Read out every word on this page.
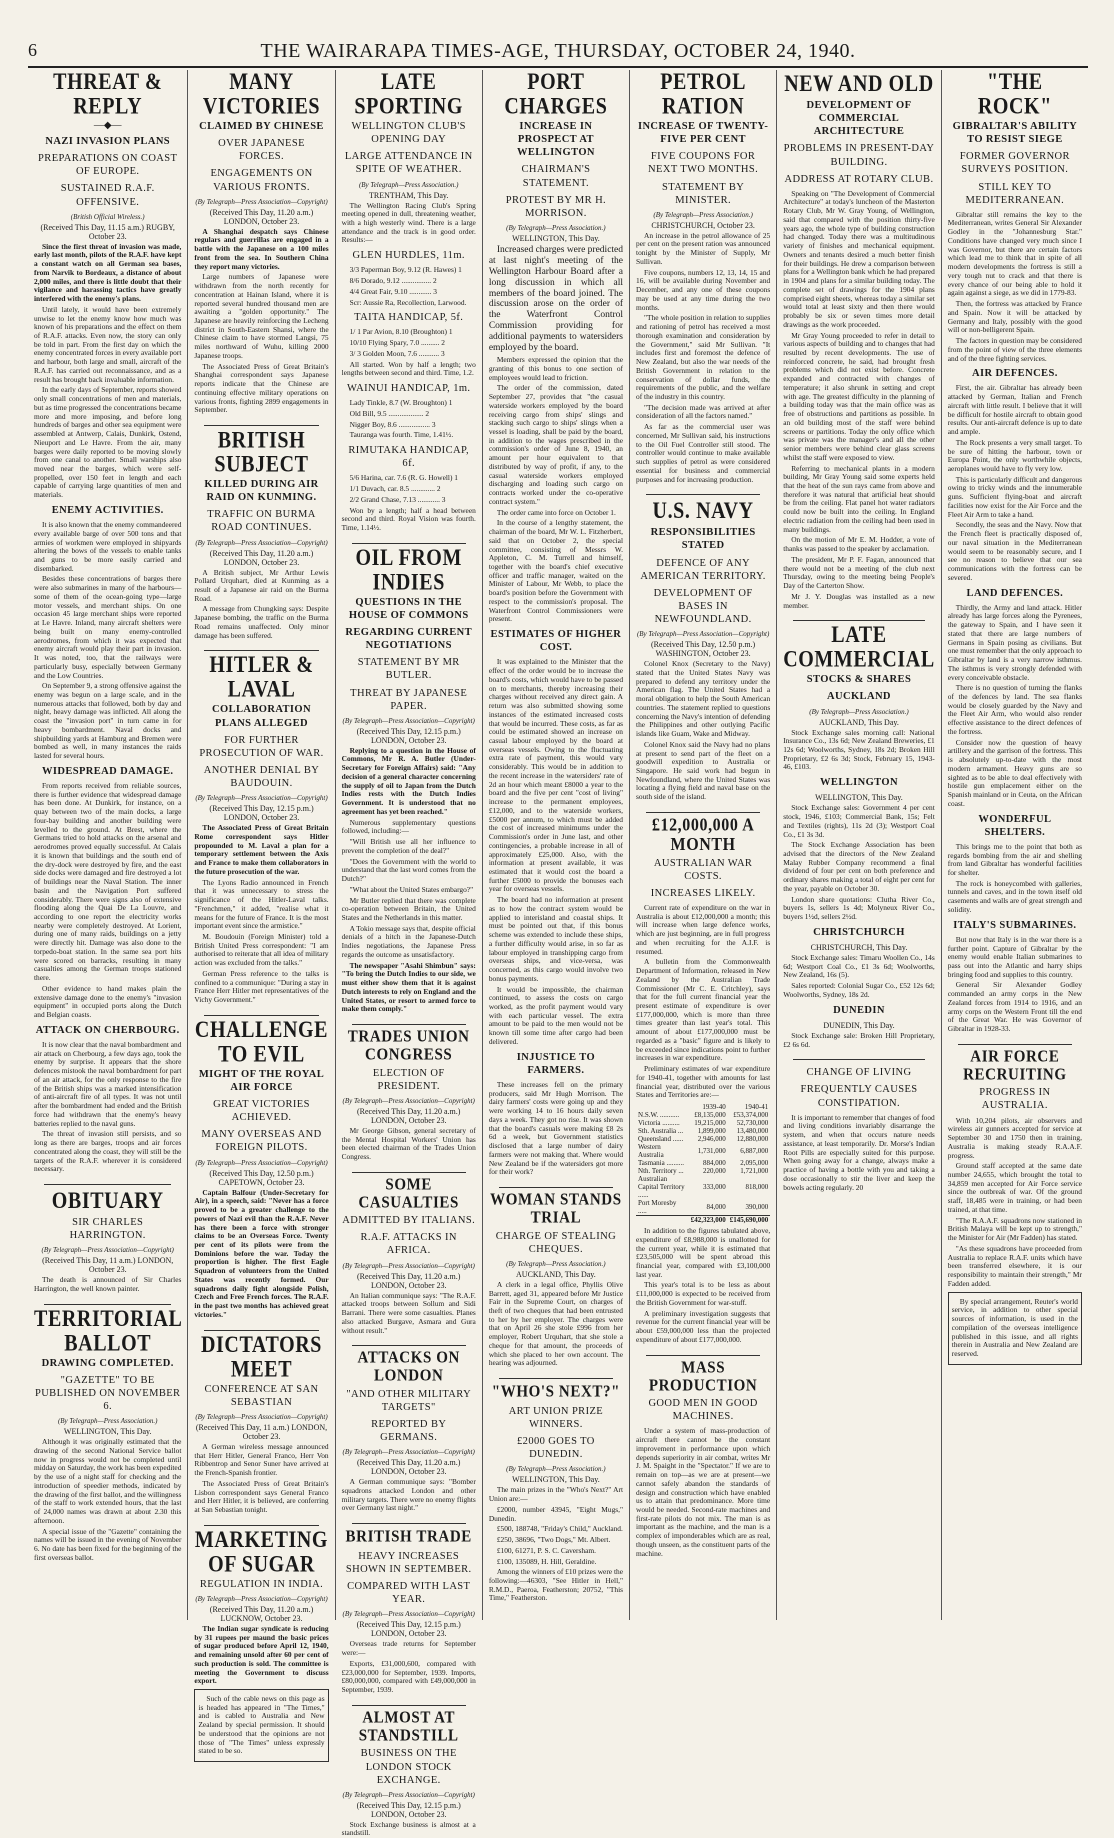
6	THE WAIRARAPA TIMES-AGE, THURSDAY, OCTOBER 24, 1940.
THREAT & REPLY
—◆—
NAZI INVASION PLANS
PREPARATIONS ON COAST OF EUROPE.
SUSTAINED R.A.F. OFFENSIVE.
(British Official Wireless.)
(Received This Day, 11.15 a.m.) RUGBY, October 23.

Since the first threat of invasion was made, early last month, pilots of the R.A.F. have kept a constant watch on all German sea bases, from Narvik to Bordeaux, a distance of about 2,000 miles, and there is little doubt that their vigilance and harassing tactics have greatly interfered with the enemy's plans.

Until lately, it would have been extremely unwise to let the enemy know how much was known of his preparations and the effect on them of R.A.F. attacks. Even now, the story can only be told in part. From the first day on which the enemy concentrated forces in every available port and harbour, both large and small, aircraft of the R.A.F. has carried out reconnaissance, and as a result has brought back invaluable information.

In the early days of September, reports showed only small concentrations of men and materials, but as time progressed the concentrations became more and more imposing, and before long hundreds of barges and other sea equipment were assembled at Antwerp, Calais, Dunkirk, Ostend, Nieuport and Le Havre. From the air, many barges were daily reported to be moving slowly from one canal to another. Small warships also moved near the barges, which were self-propelled, over 150 feet in length and each capable of carrying large quantities of men and materials.

ENEMY ACTIVITIES.

It is also known that the enemy commandeered every available barge of over 500 tons and that armies of workmen were employed in shipyards altering the bows of the vessels to enable tanks and guns to be more easily carried and disembarked.

Besides these concentrations of barges there were also submarines in many of the harbours—some of them of the ocean-going type—large motor vessels, and merchant ships. On one occasion 45 large merchant ships were reported at Le Havre. Inland, many aircraft shelters were being built on many enemy-controlled aerodromes, from which it was expected that enemy aircraft would play their part in invasion. It was noted, too, that the railways were particularly busy, especially between Germany and the Low Countries.

On September 9, a strong offensive against the enemy was begun on a large scale, and in the numerous attacks that followed, both by day and night, heavy damage was inflicted. All along the coast the "invasion port" in turn came in for heavy bombardment. Naval docks and shipbuilding yards at Hamburg and Bremen were bombed as well, in many instances the raids lasted for several hours.

WIDESPREAD DAMAGE.

From reports received from reliable sources, there is further evidence that widespread damage has been done. At Dunkirk, for instance, on a quay between two of the main docks, a large four-bay building and another building were levelled to the ground. At Brest, where the Germans tried to hold attacks on the arsenal and aerodromes proved equally successful. At Calais it is known that buildings and the south end of the dry-dock were destroyed by fire, and the east side docks were damaged and fire destroyed a lot of buildings near the Naval Station. The inner basin and the Navigation Port suffered considerably. There were signs also of extensive flooding along the Quai De La Louvre, and according to one report the electricity works nearby were completely destroyed. At Lorient, during one of many raids, buildings on a jetty were directly hit. Damage was also done to the torpedo-boat station. In the same sea port hits were scored on barracks, resulting in many casualties among the German troops stationed there.

Other evidence to hand makes plain the extensive damage done to the enemy's "invasion equipment" in occupied ports along the Dutch and Belgian coasts.

ATTACK ON CHERBOURG.

It is now clear that the naval bombardment and air attack on Cherbourg, a few days ago, took the enemy by surprise. It appears that the shore defences mistook the naval bombardment for part of an air attack, for the only response to the fire of the British ships was a marked intensification of anti-aircraft fire of all types. It was not until after the bombardment had ended and the British force had withdrawn that the enemy's heavy batteries replied to the naval guns.

The threat of invasion still persists, and so long as there are barges, troops and air forces concentrated along the coast, they will still be the targets of the R.A.F. wherever it is considered necessary.

OBITUARY
SIR CHARLES HARRINGTON.
(By Telegraph—Press Association—Copyright)
(Received This Day, 11 a.m.) LONDON, October 23.

The death is announced of Sir Charles Harrington, the well known painter.

TERRITORIAL BALLOT
DRAWING COMPLETED.
"GAZETTE" TO BE PUBLISHED ON NOVEMBER 6.
(By Telegraph—Press Association.)
WELLINGTON, This Day.

Although it was originally estimated that the drawing of the second National Service ballot now in progress would not be completed until midday on Saturday, the work has been expedited by the use of a night staff for checking and the introduction of speedier methods, indicated by the drawing of the first ballot, and the willingness of the staff to work extended hours, that the last of 24,000 names was drawn at about 2.30 this afternoon.

A special issue of the "Gazette" containing the names will be issued in the evening of November 6. No date has been fixed for the beginning of the first overseas ballot.

MANY VICTORIES
CLAIMED BY CHINESE
OVER JAPANESE FORCES.
ENGAGEMENTS ON VARIOUS FRONTS.
(By Telegraph—Press Association—Copyright)
(Received This Day, 11.20 a.m.) LONDON, October 23.

A Shanghai despatch says Chinese regulars and guerrillas are engaged in a battle with the Japanese on a 100 miles front from the sea. In Southern China they report many victories.

Large numbers of Japanese were withdrawn from the north recently for concentration at Hainan Island, where it is reported several hundred thousand men are awaiting a "golden opportunity." The Japanese are heavily reinforcing the Lecheng district in South-Eastern Shansi, where the Chinese claim to have stormed Langsi, 75 miles northward of Wuhu, killing 2000 Japanese troops.

The Associated Press of Great Britain's Shanghai correspondent says Japanese reports indicate that the Chinese are continuing effective military operations on various fronts, fighting 2899 engagements in September.

BRITISH SUBJECT
KILLED DURING AIR RAID ON KUNMING.
TRAFFIC ON BURMA ROAD CONTINUES.
(By Telegraph—Press Association—Copyright)
(Received This Day, 11.20 a.m.) LONDON, October 23.

A British subject, Mr Arthur Lewis Pollard Urquhart, died at Kunming as a result of a Japanese air raid on the Burma Road.

A message from Chungking says: Despite Japanese bombing, the traffic on the Burma Road remains unaffected. Only minor damage has been suffered.

HITLER & LAVAL
COLLABORATION PLANS ALLEGED
FOR FURTHER PROSECUTION OF WAR.
ANOTHER DENIAL BY BAUDOUIN.
(By Telegraph—Press Association—Copyright)
(Received This Day, 12.15 p.m.) LONDON, October 23.

The Associated Press of Great Britain Rome correspondent says Hitler propounded to M. Laval a plan for a temporary settlement between the Axis and France to make them collaborators in the future prosecution of the war.

The Lyons Radio announced in French that it was unnecessary to stress the significance of the Hitler-Laval talks. "Frenchmen," it added, "realise what it means for the future of France. It is the most important event since the armistice."

M. Boudouin (Foreign Minister) told a British United Press correspondent: "I am authorised to reiterate that all idea of military action was excluded from the talks."

German Press reference to the talks is confined to a communique: "During a stay in France Herr Hitler met representatives of the Vichy Government."

CHALLENGE TO EVIL
MIGHT OF THE ROYAL AIR FORCE
GREAT VICTORIES ACHIEVED.
MANY OVERSEAS AND FOREIGN PILOTS.
(By Telegraph—Press Association—Copyright)
(Received This Day, 12.50 p.m.) CAPETOWN, October 23.

Captain Balfour (Under-Secretary for Air), in a speech, said: "Never has a force proved to be a greater challenge to the powers of Nazi evil than the R.A.F. Never has there been a force with stronger claims to be an Overseas Force. Twenty per cent of its pilots were from the Dominions before the war. Today the proportion is higher. The first Eagle Squadron of volunteers from the United States was recently formed. Our squadrons daily fight alongside Polish, Czech and Free French forces. The R.A.F. in the past two months has achieved great victories."

DICTATORS MEET
CONFERENCE AT SAN SEBASTIAN
(By Telegraph—Press Association—Copyright)
(Received This Day, 11 a.m.) LONDON, October 23.

A German wireless message announced that Herr Hitler, General Franco, Herr Von Ribbentrop and Senor Suner have arrived at the French-Spanish frontier.

The Associated Press of Great Britain's Lisbon correspondent says General Franco and Herr Hitler, it is believed, are conferring at San Sebastian tonight.

MARKETING OF SUGAR
REGULATION IN INDIA.
(By Telegraph—Press Association—Copyright)
(Received This Day, 11.20 a.m.) LUCKNOW, October 23.

The Indian sugar syndicate is reducing by 31 rupees per maund the basic prices of sugar produced before April 12, 1940, and remaining unsold after 60 per cent of such production is sold. The committee is meeting the Government to discuss export.

Such of the cable news on this page as is headed has appeared in "The Times," and is cabled to Australia and New Zealand by special permission. It should be understood that the opinions are not those of "The Times" unless expressly stated to be so.

LATE SPORTING
WELLINGTON CLUB'S OPENING DAY
LARGE ATTENDANCE IN SPITE OF WEATHER.
(By Telegraph—Press Association.)
TRENTHAM, This Day.

The Wellington Racing Club's Spring meeting opened in dull, threatening weather, with a high westerly wind. There is a large attendance and the track is in good order. Results:—

GLEN HURDLES, 11m.

3/3 Paperman Boy, 9.12 (R. Hawes) 1

8/6 Dorado, 9.12 ................ 2

4/4 Great Fair, 9.10 ............ 3

Scr: Aussie Ra, Recollection, Larwood.

TAITA HANDICAP, 5f.

1/ 1 Par Avion, 8.10 (Broughton) 1

10/10 Flying Spary, 7.0 .......... 2

3/ 3 Golden Moon, 7.6 ........... 3

All started. Won by half a length; two lengths between second and third. Time, 1.2.

WAINUI HANDICAP, 1m.

Lady Tinkle, 8.7 (W. Broughton) 1

Old Bill, 9.5 ................... 2

Nigger Boy, 8.6 ................. 3

Tauranga was fourth. Time, 1.41½.

RIMUTAKA HANDICAP, 6f.

5/6 Harina, car. 7.6 (R. G. Howell) 1

1/1 Duvach, car. 8.5 ............. 2

2/2 Grand Chase, 7.13 ............ 3

Won by a length; half a head between second and third. Royal Vision was fourth. Time, 1.14½.

OIL FROM INDIES
QUESTIONS IN THE HOUSE OF COMMONS
REGARDING CURRENT NEGOTIATIONS
STATEMENT BY MR BUTLER.
THREAT BY JAPANESE PAPER.
(By Telegraph—Press Association—Copyright)
(Received This Day, 12.15 p.m.) LONDON, October 23.

Replying to a question in the House of Commons, Mr R. A. Butler (Under-Secretary for Foreign Affairs) said: "Any decision of a general character concerning the supply of oil to Japan from the Dutch Indies rests with the Dutch Indies Government. It is understood that no agreement has yet been reached."

Numerous supplementary questions followed, including:—

"Will British use all her influence to prevent the completion of the deal?"

"Does the Government with the world to understand that the last word comes from the Dutch?"

"What about the United States embargo?"

Mr Butler replied that there was complete co-operation between Britain, the United States and the Netherlands in this matter.

A Tokio message says that, despite official denials of a hitch in the Japanese-Dutch Indies negotiations, the Japanese Press regards the outcome as unsatisfactory.

The newspaper "Asahi Shimbun" says: "To bring the Dutch Indies to our side, we must either show them that it is against Dutch interests to rely on England and the United States, or resort to armed force to make them comply."

TRADES UNION CONGRESS
ELECTION OF PRESIDENT.
(By Telegraph—Press Association—Copyright)
(Received This Day, 11.20 a.m.) LONDON, October 23.

Mr George Gibson, general secretary of the Mental Hospital Workers' Union has been elected chairman of the Trades Union Congress.

SOME CASUALTIES
ADMITTED BY ITALIANS.
R.A.F. ATTACKS IN AFRICA.
(By Telegraph—Press Association—Copyright)
(Received This Day, 11.20 a.m.) LONDON, October 23.

An Italian communique says: "The R.A.F. attacked troops between Sollum and Sidi Barrani. There were some casualties. Planes also attacked Burgave, Asmara and Gura without result."

ATTACKS ON LONDON
"AND OTHER MILITARY TARGETS"
REPORTED BY GERMANS.
(By Telegraph—Press Association—Copyright)
(Received This Day, 11.20 a.m.) LONDON, October 23.

A German communique says: "Bomber squadrons attacked London and other military targets. There were no enemy flights over Germany last night."

BRITISH TRADE
HEAVY INCREASES SHOWN IN SEPTEMBER.
COMPARED WITH LAST YEAR.
(By Telegraph—Press Association—Copyright)
(Received This Day, 12.15 p.m.) LONDON, October 23.

Overseas trade returns for September were:—

Exports, £31,000,600, compared with £23,000,000 for September, 1939. Imports, £80,000,000, compared with £49,000,000 in September, 1939.

ALMOST AT STANDSTILL
BUSINESS ON THE LONDON STOCK EXCHANGE.
(By Telegraph—Press Association—Copyright)
(Received This Day, 12.15 p.m.) LONDON, October 23.

Stock Exchange business is almost at a standstill.

PORT CHARGES
INCREASE IN PROSPECT AT WELLINGTON
CHAIRMAN'S STATEMENT.
PROTEST BY MR H. MORRISON.
(By Telegraph—Press Association.)
WELLINGTON, This Day.

Increased charges were predicted at last night's meeting of the Wellington Harbour Board after a long discussion in which all members of the board joined. The discussion arose on the order of the Waterfront Control Commission providing for additional payments to watersiders employed by the board.

Members expressed the opinion that the granting of this bonus to one section of employees would lead to friction.

The order of the commission, dated September 27, provides that "the casual waterside workers employed by the board receiving cargo from ships' slings and stacking such cargo to ships' slings when a vessel is loading, shall be paid by the board, in addition to the wages prescribed in the commission's order of June 8, 1940, an amount per hour equivalent to that distributed by way of profit, if any, to the casual waterside workers employed discharging and loading such cargo on contracts worked under the co-operative contract system."

The order came into force on October 1.

In the course of a lengthy statement, the chairman of the board, Mr W. L. Fitzherbert, said that on October 2, the special committee, consisting of Messrs W. Appleton, C. M. Turrell and himself, together with the board's chief executive officer and traffic manager, waited on the Minister of Labour, Mr Webb, to place the board's position before the Government with respect to the commission's proposal. The Waterfront Control Commissioners were present.

ESTIMATES OF HIGHER COST.

It was explained to the Minister that the effect of the order would be to increase the board's costs, which would have to be passed on to merchants, thereby increasing their charges without received any direct gain. A return was also submitted showing some instances of the estimated increased costs that would be incurred. These costs, as far as could be estimated showed an increase on casual labour employed by the board at overseas vessels. Owing to the fluctuating extra rate of payment, this would vary considerably. This would be in addition to the recent increase in the watersiders' rate of 2d an hour which meant £8000 a year to the board and the five per cent "cost of living" increase to the permanent employees, £12,000, and to the waterside workers, £5000 per annum, to which must be added the cost of increased minimums under the Commission's order in June last, and other contingencies, a probable increase in all of approximately £25,000. Also, with the information at present available, it was estimated that it would cost the board a further £5000 to provide the bonuses each year for overseas vessels.

The board had no information at present as to how the contract system would be applied to interisland and coastal ships. It must be pointed out that, if this bonus scheme was extended to include these ships, a further difficulty would arise, in so far as labour employed in transhipping cargo from overseas ships, and vice-versa, was concerned, as this cargo would involve two bonus payments.

It would be impossible, the chairman continued, to assess the costs on cargo worked, as the profit payment would vary with each particular vessel. The extra amount to be paid to the men would not be known till some time after cargo had been delivered.

INJUSTICE TO FARMERS.

These increases fell on the primary producers, said Mr Hugh Morrison. The dairy farmers' costs were going up and they were working 14 to 16 hours daily seven days a week. They got no rise. It was shown that the board's casuals were making £8 2s 6d a week, but Government statistics disclosed that a large number of dairy farmers were not making that. Where would New Zealand be if the watersiders got more for their work?

WOMAN STANDS TRIAL
CHARGE OF STEALING CHEQUES.
(By Telegraph—Press Association.)
AUCKLAND, This Day.

A clerk in a legal office, Phyllis Olive Barrett, aged 31, appeared before Mr Justice Fair in the Supreme Court, on charges of theft of two cheques that had been entrusted to her by her employer. The charges were that on April 26 she stole £996 from her employer, Robert Urquhart, that she stole a cheque for that amount, the proceeds of which she placed to her own account. The hearing was adjourned.

"WHO'S NEXT?"
ART UNION PRIZE WINNERS.
£2000 GOES TO DUNEDIN.
(By Telegraph—Press Association.)
WELLINGTON, This Day.

The main prizes in the "Who's Next?" Art Union are:—

£2000, number 43945, "Eight Mugs," Dunedin.

£500, 188748, "Friday's Child," Auckland.

£250, 38696, "Two Dogs," Mt. Albert.

£100, 61271, P. S. C. Caversham.

£100, 135089, H. Hill, Geraldine.

Among the winners of £10 prizes were the following:—46303, "See Hitler in Hell," R.M.D., Paeroa, Featherston; 20752, "This Time," Featherston.

PETROL RATION
INCREASE OF TWENTY-FIVE PER CENT
FIVE COUPONS FOR NEXT TWO MONTHS.
STATEMENT BY MINISTER.
(By Telegraph—Press Association.)
CHRISTCHURCH, October 23.

An increase in the petrol allowance of 25 per cent on the present ration was announced tonight by the Minister of Supply, Mr Sullivan.

Five coupons, numbers 12, 13, 14, 15 and 16, will be available during November and December, and any one of these coupons may be used at any time during the two months.

"The whole position in relation to supplies and rationing of petrol has received a most thorough examination and consideration by the Government," said Mr Sullivan. "It includes first and foremost the defence of New Zealand, but also the war needs of the British Government in relation to the conservation of dollar funds, the requirements of the public, and the welfare of the industry in this country.

"The decision made was arrived at after consideration of all the factors named."

As far as the commercial user was concerned, Mr Sullivan said, his instructions to the Oil Fuel Controller still stood. The controller would continue to make available such supplies of petrol as were considered essential for business and commercial purposes and for increasing production.

U.S. NAVY
RESPONSIBILITIES STATED
DEFENCE OF ANY AMERICAN TERRITORY.
DEVELOPMENT OF BASES IN NEWFOUNDLAND.
(By Telegraph—Press Association—Copyright)
(Received This Day, 12.50 p.m.) WASHINGTON, October 23.

Colonel Knox (Secretary to the Navy) stated that the United States Navy was prepared to defend any territory under the American flag. The United States had a moral obligation to help the South American countries. The statement replied to questions concerning the Navy's intention of defending the Philippines and other outlying Pacific islands like Guam, Wake and Midway.

Colonel Knox said the Navy had no plans at present to send part of the fleet on a goodwill expedition to Australia or Singapore. He said work had begun in Newfoundland, where the United States was locating a flying field and naval base on the south side of the island.

£12,000,000 A MONTH
AUSTRALIAN WAR COSTS.
INCREASES LIKELY.

Current rate of expenditure on the war in Australia is about £12,000,000 a month; this will increase when large defence works, which are just beginning, are in full progress and when recruiting for the A.I.F. is resumed.

A bulletin from the Commonwealth Department of Information, released in New Zealand by the Australian Trade Commissioner (Mr C. E. Critchley), says that for the full current financial year the present estimate of expenditure is over £177,000,000, which is more than three times greater than last year's total. This amount of about £177,000,000 must be regarded as a "basic" figure and is likely to be exceeded since indications point to further increases in war expenditure.

Preliminary estimates of war expenditure for 1940-41, together with amounts for last financial year, distributed over the various States and Territories are:—

	1939-40	1940-41
N.S.W. ...........	£8,135,000	£53,374,000
Victoria ..........	19,215,000	52,730,000
Sth. Australia ...	1,899,000	13,480,000
Queensland ......	2,946,000	12,880,000
Western Australia	1,731,000	6,887,000
Tasmania ..........	884,000	2,095,000
Nth. Territory ...	220,000	1,721,000
Australian Capital Territory ......	333,000	818,000
Port Moresby .....	84,000	390,000
	£42,323,000	£145,690,000

In addition to the figures tabulated above, expenditure of £8,988,000 is unallotted for the current year, while it is estimated that £23,505,000 will be spent abroad this financial year, compared with £3,100,000 last year.

This year's total is to be less as about £11,000,000 is expected to be received from the British Government for war-stuff.

A preliminary investigation suggests that revenue for the current financial year will be about £59,000,000 less than the projected expenditure of about £177,000,000.

MASS PRODUCTION
GOOD MEN IN GOOD MACHINES.

Under a system of mass-production of aircraft there cannot be the constant improvement in performance upon which depends superiority in air combat, writes Mr J. M. Spaight in the "Spectator." If we are to remain on top—as we are at present—we cannot safely abandon the standards of design and construction which have enabled us to attain that predominance. More time would be needed. Second-rate machines and first-rate pilots do not mix. The man is as important as the machine, and the man is a complex of imponderables which are as real, though unseen, as the constituent parts of the machine.

NEW AND OLD
DEVELOPMENT OF COMMERCIAL ARCHITECTURE
PROBLEMS IN PRESENT-DAY BUILDING.
ADDRESS AT ROTARY CLUB.

Speaking on "The Development of Commercial Architecture" at today's luncheon of the Masterton Rotary Club, Mr W. Gray Young, of Wellington, said that compared with the position thirty-five years ago, the whole type of building construction had changed. Today there was a multitudinous variety of finishes and mechanical equipment. Owners and tenants desired a much better finish for their buildings. He drew a comparison between plans for a Wellington bank which he had prepared in 1904 and plans for a similar building today. The complete set of drawings for the 1904 plans comprised eight sheets, whereas today a similar set would total at least sixty and then there would probably be six or seven times more detail drawings as the work proceeded.

Mr Gray Young proceeded to refer in detail to various aspects of building and to changes that had resulted by recent developments. The use of reinforced concrete, he said, had brought fresh problems which did not exist before. Concrete expanded and contracted with changes of temperature; it also shrunk in setting and crept with age. The greatest difficulty in the planning of a building today was that the main office was as free of obstructions and partitions as possible. In an old building most of the staff were behind screens or partitions. Today the only office which was private was the manager's and all the other senior members were behind clear glass screens whilst the staff were exposed to view.

Referring to mechanical plants in a modern building, Mr Gray Young said some experts held that the heat of the sun rays came from above and therefore it was natural that artificial heat should be from the ceiling. Flat panel hot water radiators could now be built into the ceiling. In England electric radiation from the ceiling had been used in many buildings.

On the motion of Mr E. M. Hodder, a vote of thanks was passed to the speaker by acclamation.

The president, Mr P. F. Fagan, announced that there would not be a meeting of the club next Thursday, owing to the meeting being People's Day of the Carterton Show.

Mr J. Y. Douglas was installed as a new member.

LATE COMMERCIAL
STOCKS & SHARES
AUCKLAND
(By Telegraph—Press Association.)
AUCKLAND, This Day.

Stock Exchange sales morning call: National Insurance Co., 13s 6d; New Zealand Breweries, £1 12s 6d; Woolworths, Sydney, 18s 2d; Broken Hill Proprietary, £2 6s 3d; Stock, February 15, 1943-46, £103.

WELLINGTON
WELLINGTON, This Day.

Stock Exchange sales: Government 4 per cent stock, 1946, £103; Commercial Bank, 15s; Felt and Textiles (rights), 11s 2d (3); Westport Coal Co., £1 3s 3d.

The Stock Exchange Association has been advised that the directors of the New Zealand Malay Rubber Company recommend a final dividend of four per cent on both preference and ordinary shares making a total of eight per cent for the year, payable on October 30.

London share quotations: Clutha River Co., buyers 1s, sellers 1s 4d; Molyneux River Co., buyers 1½d, sellers 2½d.

CHRISTCHURCH
CHRISTCHURCH, This Day.

Stock Exchange sales: Timaru Woollen Co., 14s 6d; Westport Coal Co., £1 3s 6d; Woolworths, New Zealand, 16s (5).

Sales reported: Colonial Sugar Co., £52 12s 6d; Woolworths, Sydney, 18s 2d.

DUNEDIN
DUNEDIN, This Day.

Stock Exchange sale: Broken Hill Proprietary, £2 6s 6d.

CHANGE OF LIVING
FREQUENTLY CAUSES CONSTIPATION.

It is important to remember that changes of food and living conditions invariably disarrange the system, and when that occurs nature needs assistance, at least temporarily. Dr. Morse's Indian Root Pills are especially suited for this purpose. When going away for a change, always make a practice of having a bottle with you and taking a dose occasionally to stir the liver and keep the bowels acting regularly. 20

"THE ROCK"
GIBRALTAR'S ABILITY TO RESIST SIEGE
FORMER GOVERNOR SURVEYS POSITION.
STILL KEY TO MEDITERRANEAN.

Gibraltar still remains the key to the Mediterranean, writes General Sir Alexander Godley in the "Johannesburg Star." Conditions have changed very much since I was Governor, but there are certain factors which lead me to think that in spite of all modern developments the fortress is still a very tough nut to crack and that there is every chance of our being able to hold it again against a siege, as we did in 1779-83.

Then, the fortress was attacked by France and Spain. Now it will be attacked by Germany and Italy, possibly with the good will or non-belligerent Spain.

The factors in question may be considered from the point of view of the three elements and of the three fighting services.

AIR DEFENCES.

First, the air. Gibraltar has already been attacked by German, Italian and French aircraft with little result. I believe that it will be difficult for hostile aircraft to obtain good results. Our anti-aircraft defence is up to date and ample.

The Rock presents a very small target. To be sure of hitting the harbour, town or Europa Point, the only worthwhile objects, aeroplanes would have to fly very low.

This is particularly difficult and dangerous owing to tricky winds and the innumerable guns. Sufficient flying-boat and aircraft facilities now exist for the Air Force and the Fleet Air Arm to take a hand.

Secondly, the seas and the Navy. Now that the French fleet is practically disposed of, our naval situation in the Mediterranean would seem to be reasonably secure, and I see no reason to believe that our sea communications with the fortress can be severed.

LAND DEFENCES.

Thirdly, the Army and land attack. Hitler already has large forces along the Pyrenees, the gateway to Spain, and I have seen it stated that there are large numbers of Germans in Spain posing as civilians. But one must remember that the only approach to Gibraltar by land is a very narrow isthmus. The isthmus is very strongly defended with every conceivable obstacle.

There is no question of turning the flanks of the defences by land. The sea flanks would be closely guarded by the Navy and the Fleet Air Arm, who would also render effective assistance to the direct defences of the fortress.

Consider now the question of heavy artillery and the garrison of the fortress. This is absolutely up-to-date with the most modern armament. Heavy guns are so sighted as to be able to deal effectively with hostile gun emplacement either on the Spanish mainland or in Ceuta, on the African coast.

WONDERFUL SHELTERS.

This brings me to the point that both as regards bombing from the air and shelling from land Gibraltar has wonderful facilities for shelter.

The rock is honeycombed with galleries, tunnels and caves, and in the town itself old casements and walls are of great strength and solidity.

ITALY'S SUBMARINES.

But now that Italy is in the war there is a further point. Capture of Gibraltar by the enemy would enable Italian submarines to pass out into the Atlantic and harry ships bringing food and supplies to this country.

General Sir Alexander Godley commanded an army corps in the New Zealand forces from 1914 to 1916, and an army corps on the Western Front till the end of the Great War. He was Governor of Gibraltar in 1928-33.

AIR FORCE RECRUITING
PROGRESS IN AUSTRALIA.

With 10,204 pilots, air observers and wireless air gunners accepted for service at September 30 and 1750 then in training, Australia is making steady R.A.A.F. progress.

Ground staff accepted at the same date number 24,655, which brought the total to 34,859 men accepted for Air Force service since the outbreak of war. Of the ground staff, 18,485 were in training, or had been trained, at that time.

"The R.A.A.F. squadrons now stationed in British Malaya will be kept up to strength," the Minister for Air (Mr Fadden) has stated.

"As these squadrons have proceeded from Australia to replace R.A.F. units which have been transferred elsewhere, it is our responsibility to maintain their strength," Mr Fadden added.

By special arrangement, Reuter's world service, in addition to other special sources of information, is used in the compilation of the overseas intelligence published in this issue, and all rights therein in Australia and New Zealand are reserved.
